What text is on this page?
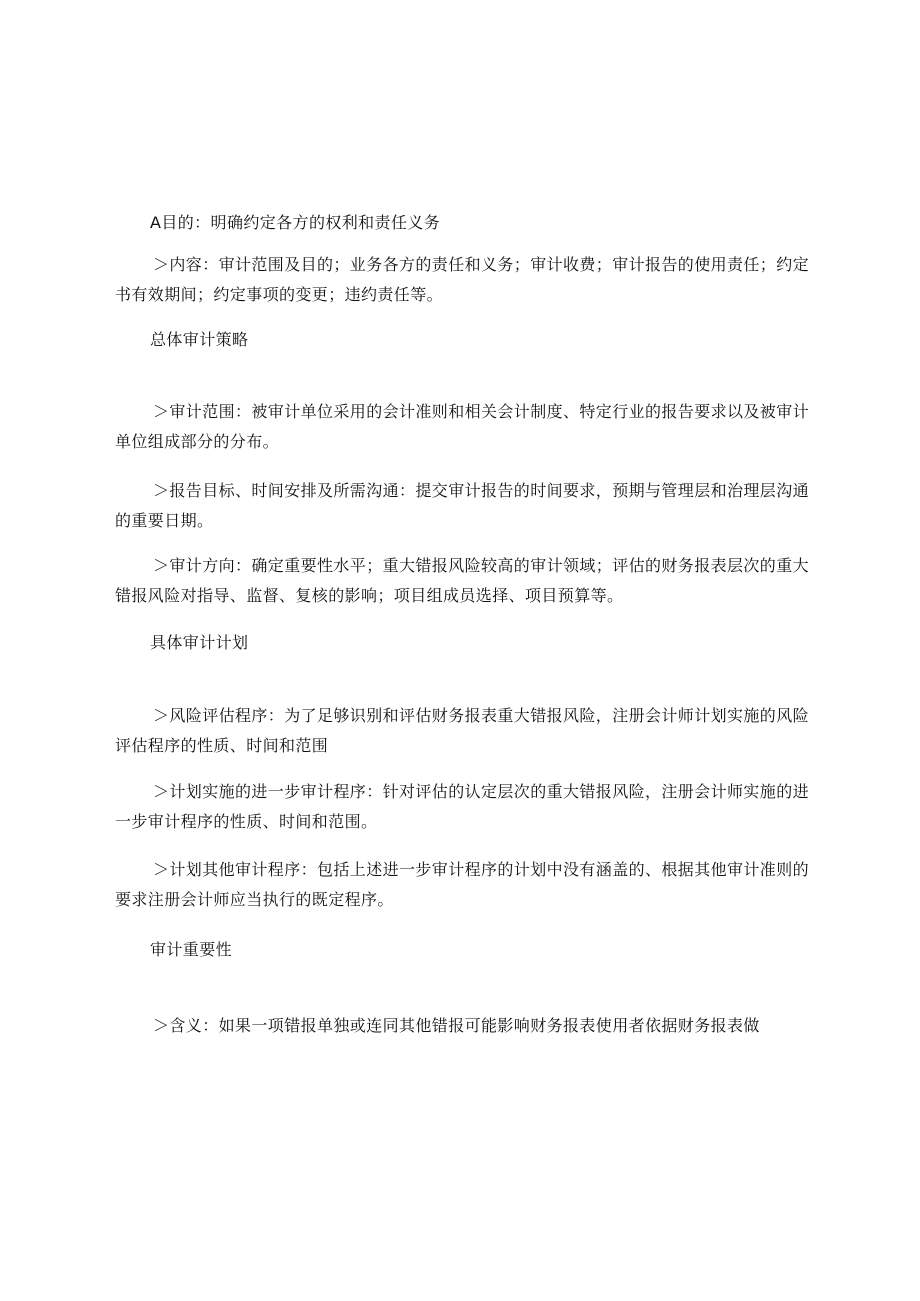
A目的：明确约定各方的权利和责任义务

＞内容：审计范围及目的；业务各方的责任和义务；审计收费；审计报告的使用责任；约定书有效期间；约定事项的变更；违约责任等。

总体审计策略

＞审计范围：被审计单位采用的会计准则和相关会计制度、特定行业的报告要求以及被审计单位组成部分的分布。

＞报告目标、时间安排及所需沟通：提交审计报告的时间要求，预期与管理层和治理层沟通的重要日期。

＞审计方向：确定重要性水平；重大错报风险较高的审计领域；评估的财务报表层次的重大错报风险对指导、监督、复核的影响；项目组成员选择、项目预算等。

具体审计计划

＞风险评估程序：为了足够识别和评估财务报表重大错报风险，注册会计师计划实施的风险评估程序的性质、时间和范围

＞计划实施的进一步审计程序：针对评估的认定层次的重大错报风险，注册会计师实施的进一步审计程序的性质、时间和范围。

＞计划其他审计程序：包括上述进一步审计程序的计划中没有涵盖的、根据其他审计准则的要求注册会计师应当执行的既定程序。

审计重要性

＞含义：如果一项错报单独或连同其他错报可能影响财务报表使用者依据财务报表做
